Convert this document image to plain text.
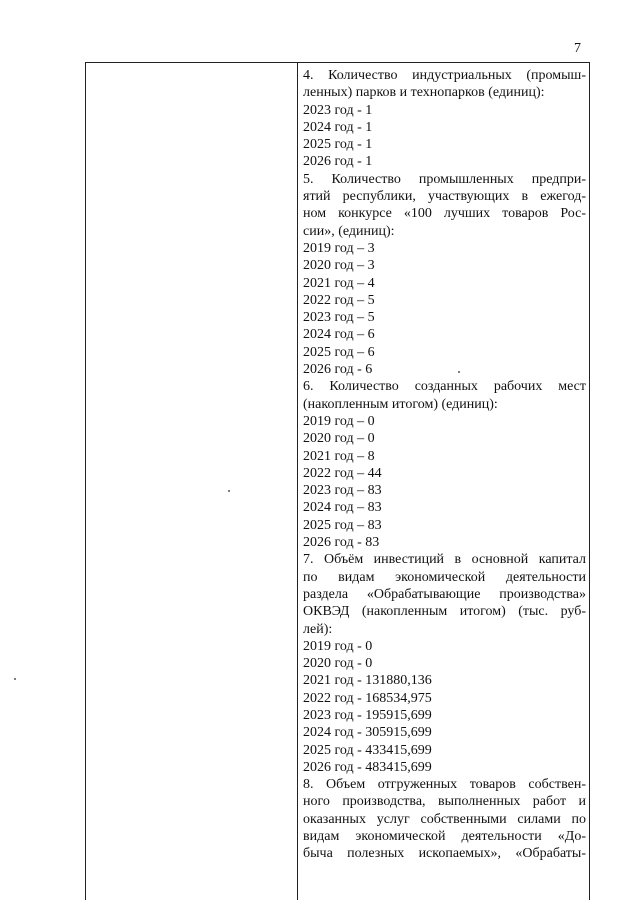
7
4. Количество индустриальных (промыш-
ленных) парков и технопарков (единиц):
2023 год - 1
2024 год - 1
2025 год - 1
2026 год - 1
5. Количество промышленных предпри-
ятий республики, участвующих в ежегод-
ном конкурсе «100 лучших товаров Рос-
сии», (единиц):
2019 год – 3
2020 год – 3
2021 год – 4
2022 год – 5
2023 год – 5
2024 год – 6
2025 год – 6
2026 год - 6
6. Количество созданных рабочих мест
(накопленным итогом) (единиц):
2019 год – 0
2020 год – 0
2021 год – 8
2022 год – 44
2023 год – 83
2024 год – 83
2025 год – 83
2026 год - 83
7. Объём инвестиций в основной капитал
по видам экономической деятельности
раздела «Обрабатывающие производства»
ОКВЭД (накопленным итогом) (тыс. руб-
лей):
2019 год - 0
2020 год - 0
2021 год - 131880,136
2022 год - 168534,975
2023 год - 195915,699
2024 год - 305915,699
2025 год - 433415,699
2026 год - 483415,699
8. Объем отгруженных товаров собствен-
ного производства, выполненных работ и
оказанных услуг собственными силами по
видам экономической деятельности «До-
быча полезных ископаемых», «Обрабаты-
